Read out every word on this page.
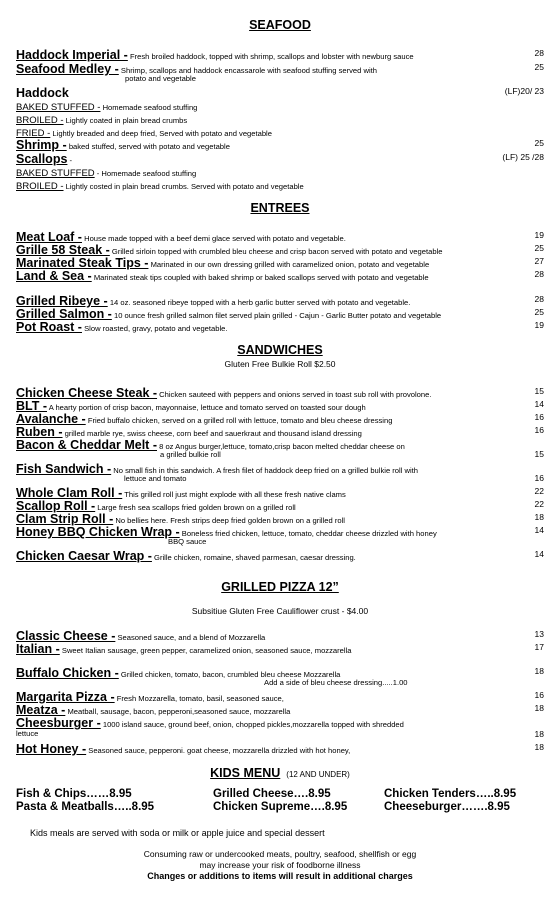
SEAFOOD
Haddock Imperial - Fresh broiled haddock, topped with shrimp, scallops and lobster with newburg sauce	28
Seafood Medley - Shrimp, scallops and haddock encassarole with seafood stuffing served with	25
potato and vegetable
Haddock	(LF)20/ 23
BAKED STUFFED - Homemade seafood stuffing
BROILED - Lightly coated in plain bread crumbs
FRIED - Lightly breaded and deep fried, Served with potato and vegetable
Shrimp - baked stuffed, served with potato and vegetable	25
Scallops -	(LF) 25 /28
BAKED STUFFED - Homemade seafood stuffing
BROILED - Lightly costed in plain bread crumbs. Served with potato and vegetable
ENTREES
Meat Loaf - House made topped with a beef demi glace served with potato and vegetable.	19
Grille 58 Steak - Grilled sirloin topped with crumbled bleu cheese and crisp bacon served with potato and vegetable	25
Marinated Steak Tips - Marinated in our own dressing grilled with caramelized onion, potato and vegetable	27
Land & Sea - Marinated steak tips coupled with baked shrimp or baked scallops served with potato and vegetable	28
Grilled Ribeye - 14 oz. seasoned ribeye topped with a herb garlic butter served with potato and vegetable.	28
Grilled Salmon - 10 ounce fresh grilled salmon filet served plain grilled - Cajun - Garlic Butter potato and vegetable	25
Pot Roast - Slow roasted, gravy, potato and vegetable.	19
SANDWICHES
Gluten Free Bulkie Roll $2.50
Chicken Cheese Steak - Chicken sauteed with peppers and onions served in toast sub roll with provolone.	15
BLT - A hearty portion of crisp bacon, mayonnaise, lettuce and tomato served on toasted sour dough	14
Avalanche - Fried buffalo chicken, served on a grilled roll with lettuce, tomato and bleu cheese dressing	16
Ruben - grilled marble rye, swiss cheese, corn beef and sauerkraut and thousand island dressing	16
Bacon & Cheddar Melt - 8 oz Angus burger,lettuce, tomato,crisp bacon melted cheddar cheese on
a grilled bulkie roll	15
Fish Sandwich - No small fish in this sandwich. A fresh filet of haddock deep fried on a grilled bulkie roll with
lettuce and tomato	16
Whole Clam Roll - This grilled roll just might explode with all these fresh native clams	22
Scallop Roll - Large fresh sea scallops fried golden brown on a grilled roll	22
Clam Strip Roll - No bellies here. Fresh strips deep fried golden brown on a grilled roll	18
Honey BBQ Chicken Wrap - Boneless fried chicken, lettuce, tomato, cheddar cheese drizzled with honey	14
BBQ sauce
Chicken Caesar Wrap - Grille chicken, romaine, shaved parmesan, caesar dressing.	14
GRILLED PIZZA 12”
Subsitiue Gluten Free Cauliflower crust - $4.00
Classic Cheese - Seasoned sauce, and a blend of Mozzarella	13
Italian - Sweet Italian sausage, green pepper, caramelized onion, seasoned sauce, mozzarella	17
Buffalo Chicken - Grilled chicken, tomato, bacon, crumbled bleu cheese Mozzarella	18
Add a side of bleu cheese dressing.....1.00
Margarita Pizza - Fresh Mozzarella, tomato, basil, seasoned sauce,	16
Meatza - Meatball, sausage, bacon, pepperoni,seasoned sauce, mozzarella	18
Cheesburger - 1000 island sauce, ground beef, onion, chopped pickles,mozzarella topped with shredded
lettuce	18
Hot Honey - Seasoned sauce, pepperoni. goat cheese, mozzarella drizzled with hot honey,	18
KIDS MENU (12 AND UNDER)
Fish & Chips……8.95	Grilled Cheese….8.95	Chicken Tenders…..8.95
Pasta & Meatballs…..8.95	Chicken Supreme….8.95	Cheeseburger…….8.95
Kids meals are served with soda or milk or apple juice and special dessert
Consuming raw or undercooked meats, poultry, seafood, shellfish or egg
may increase your risk of foodborne illness
Changes or additions to items will result in additional charges
